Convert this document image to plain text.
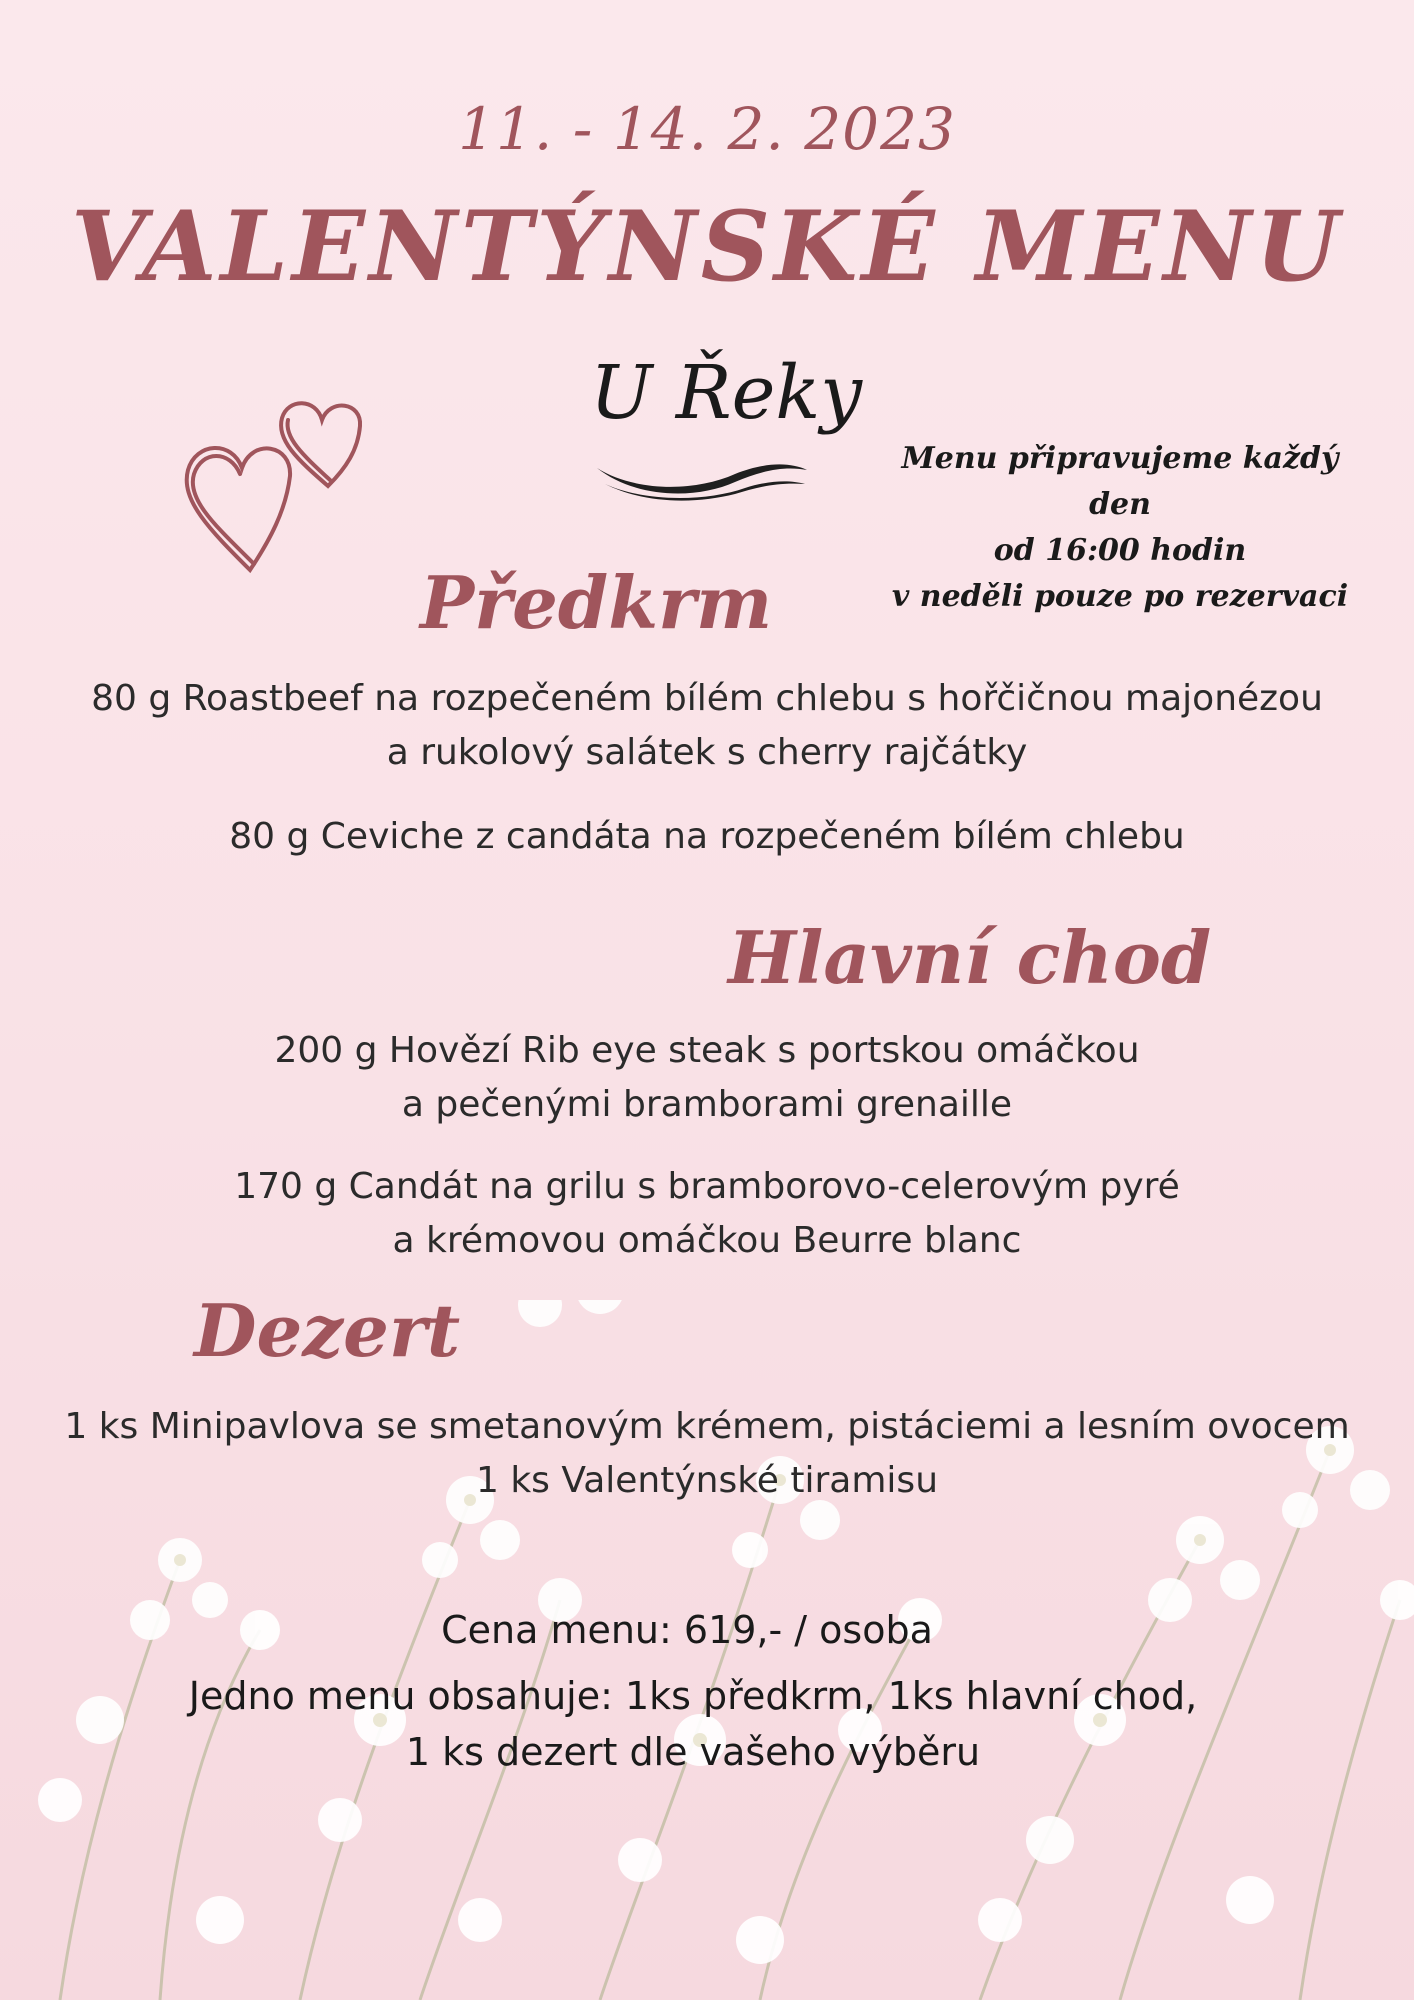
11. - 14. 2. 2023
VALENTÝNSKÉ MENU
U Řeky
Menu připravujeme každý den
od 16:00 hodin
v neděli pouze po rezervaci
Předkrm
80 g Roastbeef na rozpečeném bílém chlebu s hořčičnou majonézou
a rukolový salátek s cherry rajčátky
80 g Ceviche z candáta na rozpečeném bílém chlebu
Hlavní chod
200 g Hovězí Rib eye steak s portskou omáčkou
a pečenými bramborami grenaille
170 g Candát na grilu s bramborovo-celerovým pyré
a krémovou omáčkou Beurre blanc
Dezert
1 ks Minipavlova se smetanovým krémem, pistáciemi a lesním ovocem
1 ks Valentýnské tiramisu
Cena menu: 619,- / osoba
Jedno menu obsahuje: 1ks předkrm, 1ks hlavní chod,
1 ks dezert dle vašeho výběru
